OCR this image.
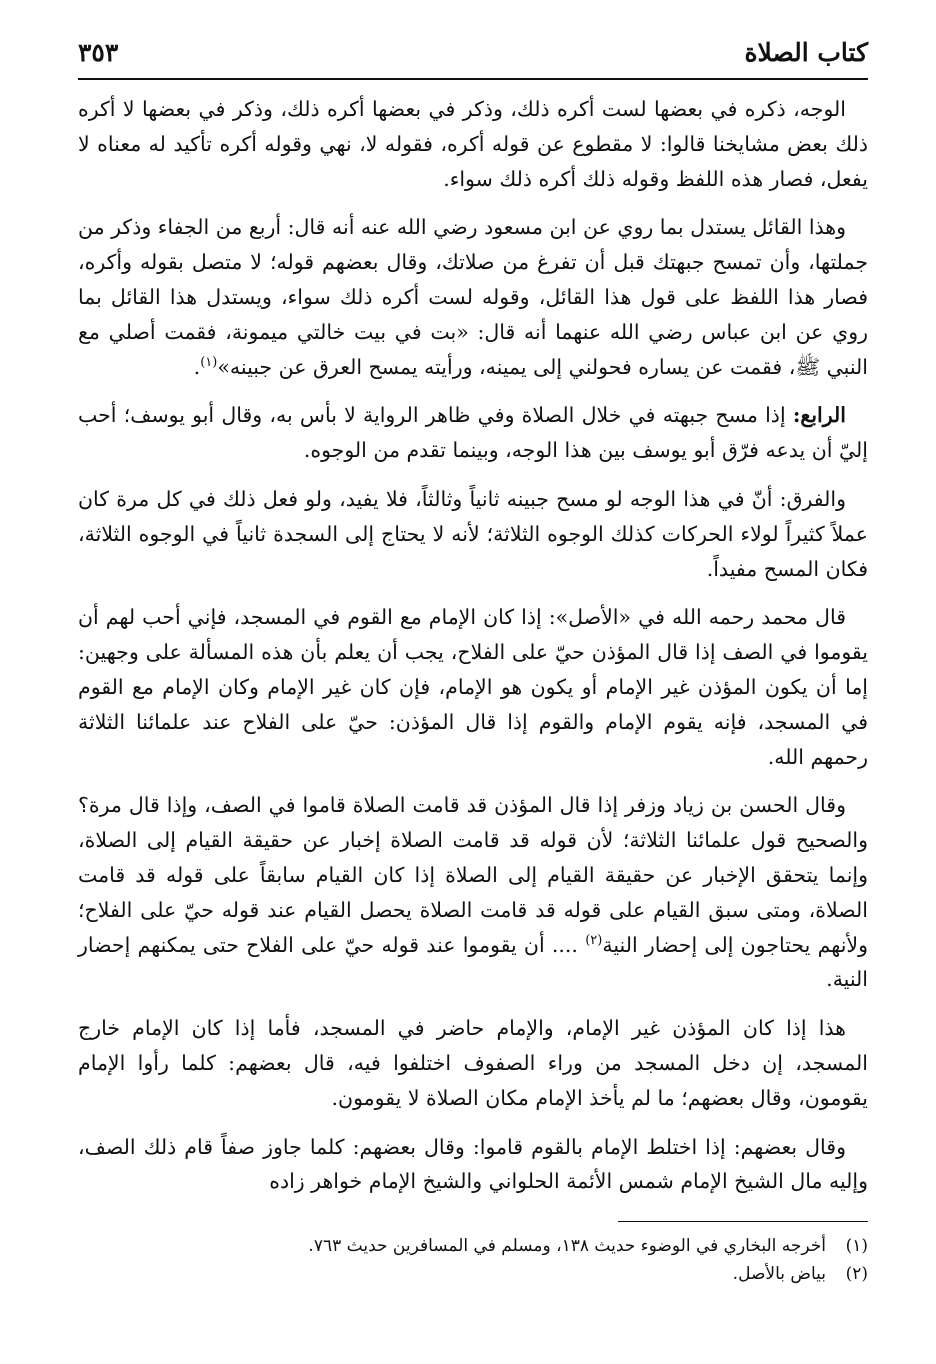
كتاب الصلاة
٣٥٣

الوجه، ذكره في بعضها لست أكره ذلك، وذكر في بعضها أكره ذلك، وذكر في بعضها لا أكره ذلك بعض مشايخنا قالوا: لا مقطوع عن قوله أكره، فقوله لا، نهي وقوله أكره تأكيد له معناه لا يفعل، فصار هذه اللفظ وقوله ذلك أكره ذلك سواء.

وهذا القائل يستدل بما روي عن ابن مسعود رضي الله عنه أنه قال: أربع من الجفاء وذكر من جملتها، وأن تمسح جبهتك قبل أن تفرغ من صلاتك، وقال بعضهم قوله؛ لا متصل بقوله وأكره، فصار هذا اللفظ على قول هذا القائل، وقوله لست أكره ذلك سواء، ويستدل هذا القائل بما روي عن ابن عباس رضي الله عنهما أنه قال: «بت في بيت خالتي ميمونة، فقمت أصلي مع النبي ﷺ، فقمت عن يساره فحولني إلى يمينه، ورأيته يمسح العرق عن جبينه»$^{(١)}$.

الرابع: إذا مسح جبهته في خلال الصلاة وفي ظاهر الرواية لا بأس به، وقال أبو يوسف؛ أحب إليّ أن يدعه فرّق أبو يوسف بين هذا الوجه، وبينما تقدم من الوجوه.

والفرق: أنّ في هذا الوجه لو مسح جبينه ثانياً وثالثاً، فلا يفيد، ولو فعل ذلك في كل مرة كان عملاً كثيراً لولاء الحركات كذلك الوجوه الثلاثة؛ لأنه لا يحتاج إلى السجدة ثانياً في الوجوه الثلاثة، فكان المسح مفيداً.

قال محمد رحمه الله في «الأصل»: إذا كان الإمام مع القوم في المسجد، فإني أحب لهم أن يقوموا في الصف إذا قال المؤذن حيّ على الفلاح، يجب أن يعلم بأن هذه المسألة على وجهين: إما أن يكون المؤذن غير الإمام أو يكون هو الإمام، فإن كان غير الإمام وكان الإمام مع القوم في المسجد، فإنه يقوم الإمام والقوم إذا قال المؤذن: حيّ على الفلاح عند علمائنا الثلاثة رحمهم الله.

وقال الحسن بن زياد وزفر إذا قال المؤذن قد قامت الصلاة قاموا في الصف، وإذا قال مرة؟ والصحيح قول علمائنا الثلاثة؛ لأن قوله قد قامت الصلاة إخبار عن حقيقة القيام إلى الصلاة، وإنما يتحقق الإخبار عن حقيقة القيام إلى الصلاة إذا كان القيام سابقاً على قوله قد قامت الصلاة، ومتى سبق القيام على قوله قد قامت الصلاة يحصل القيام عند قوله حيّ على الفلاح؛ ولأنهم يحتاجون إلى إحضار النية$^{(٢)}$ .... أن يقوموا عند قوله حيّ على الفلاح حتى يمكنهم إحضار النية.

هذا إذا كان المؤذن غير الإمام، والإمام حاضر في المسجد، فأما إذا كان الإمام خارج المسجد، إن دخل المسجد من وراء الصفوف اختلفوا فيه، قال بعضهم: كلما رأوا الإمام يقومون، وقال بعضهم؛ ما لم يأخذ الإمام مكان الصلاة لا يقومون.

وقال بعضهم: إذا اختلط الإمام بالقوم قاموا: وقال بعضهم: كلما جاوز صفاً قام ذلك الصف، وإليه مال الشيخ الإمام شمس الأئمة الحلواني والشيخ الإمام خواهر زاده

(١)
أخرجه البخاري في الوضوء حديث ١٣٨، ومسلم في المسافرين حديث ٧٦٣.
(٢)
بياض بالأصل.
